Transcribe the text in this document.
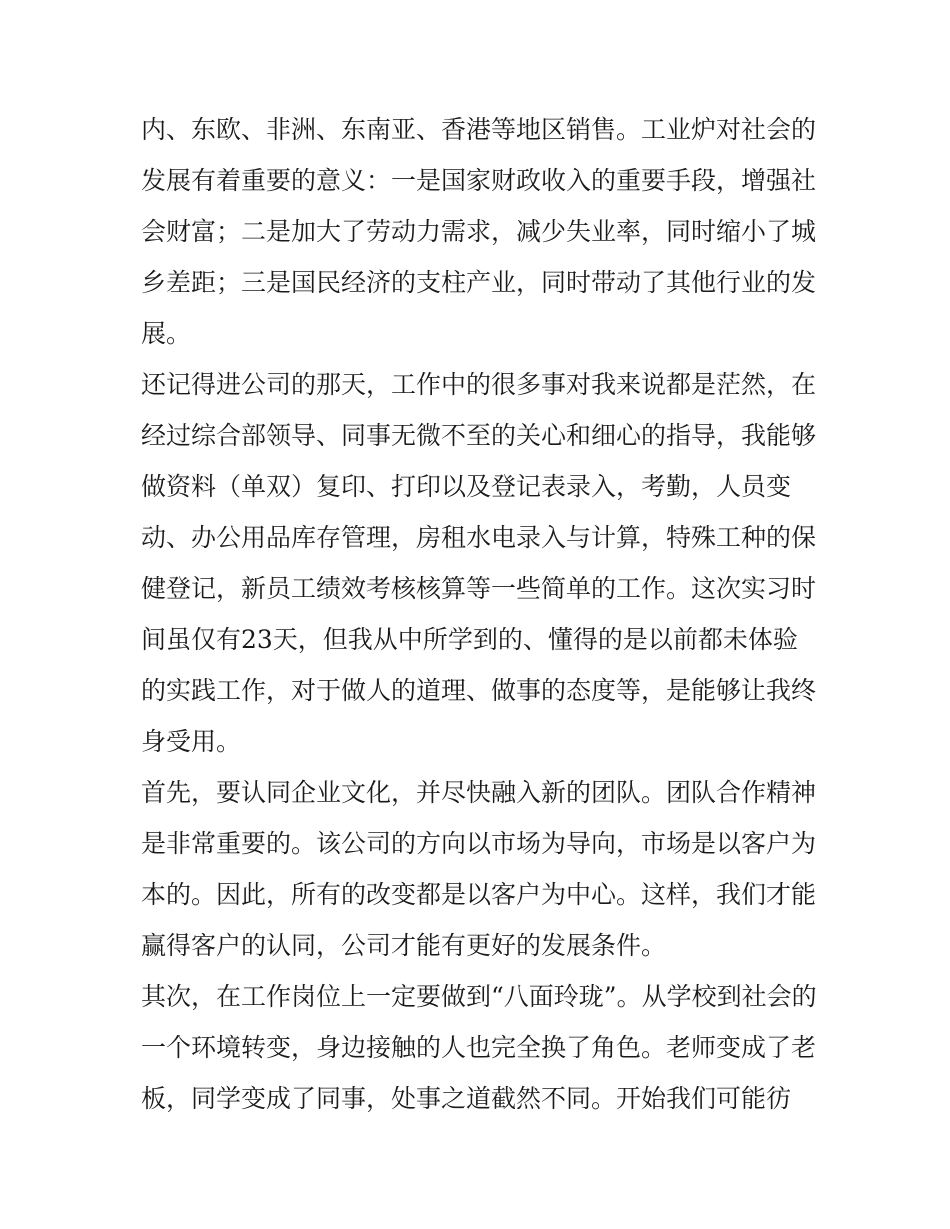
内、东欧、非洲、东南亚、香港等地区销售。工业炉对社会的
发展有着重要的意义：一是国家财政收入的重要手段，增强社
会财富；二是加大了劳动力需求，减少失业率，同时缩小了城
乡差距；三是国民经济的支柱产业，同时带动了其他行业的发
展。
还记得进公司的那天，工作中的很多事对我来说都是茫然，在
经过综合部领导、同事无微不至的关心和细心的指导，我能够
做资料（单双）复印、打印以及登记表录入，考勤，人员变
动、办公用品库存管理，房租水电录入与计算，特殊工种的保
健登记，新员工绩效考核核算等一些简单的工作。这次实习时
间虽仅有23天，但我从中所学到的、懂得的是以前都未体验
的实践工作，对于做人的道理、做事的态度等，是能够让我终
身受用。
首先，要认同企业文化，并尽快融入新的团队。团队合作精神
是非常重要的。该公司的方向以市场为导向，市场是以客户为
本的。因此，所有的改变都是以客户为中心。这样，我们才能
赢得客户的认同，公司才能有更好的发展条件。
其次，在工作岗位上一定要做到“八面玲珑”。从学校到社会的
一个环境转变，身边接触的人也完全换了角色。老师变成了老
板，同学变成了同事，处事之道截然不同。开始我们可能彷
